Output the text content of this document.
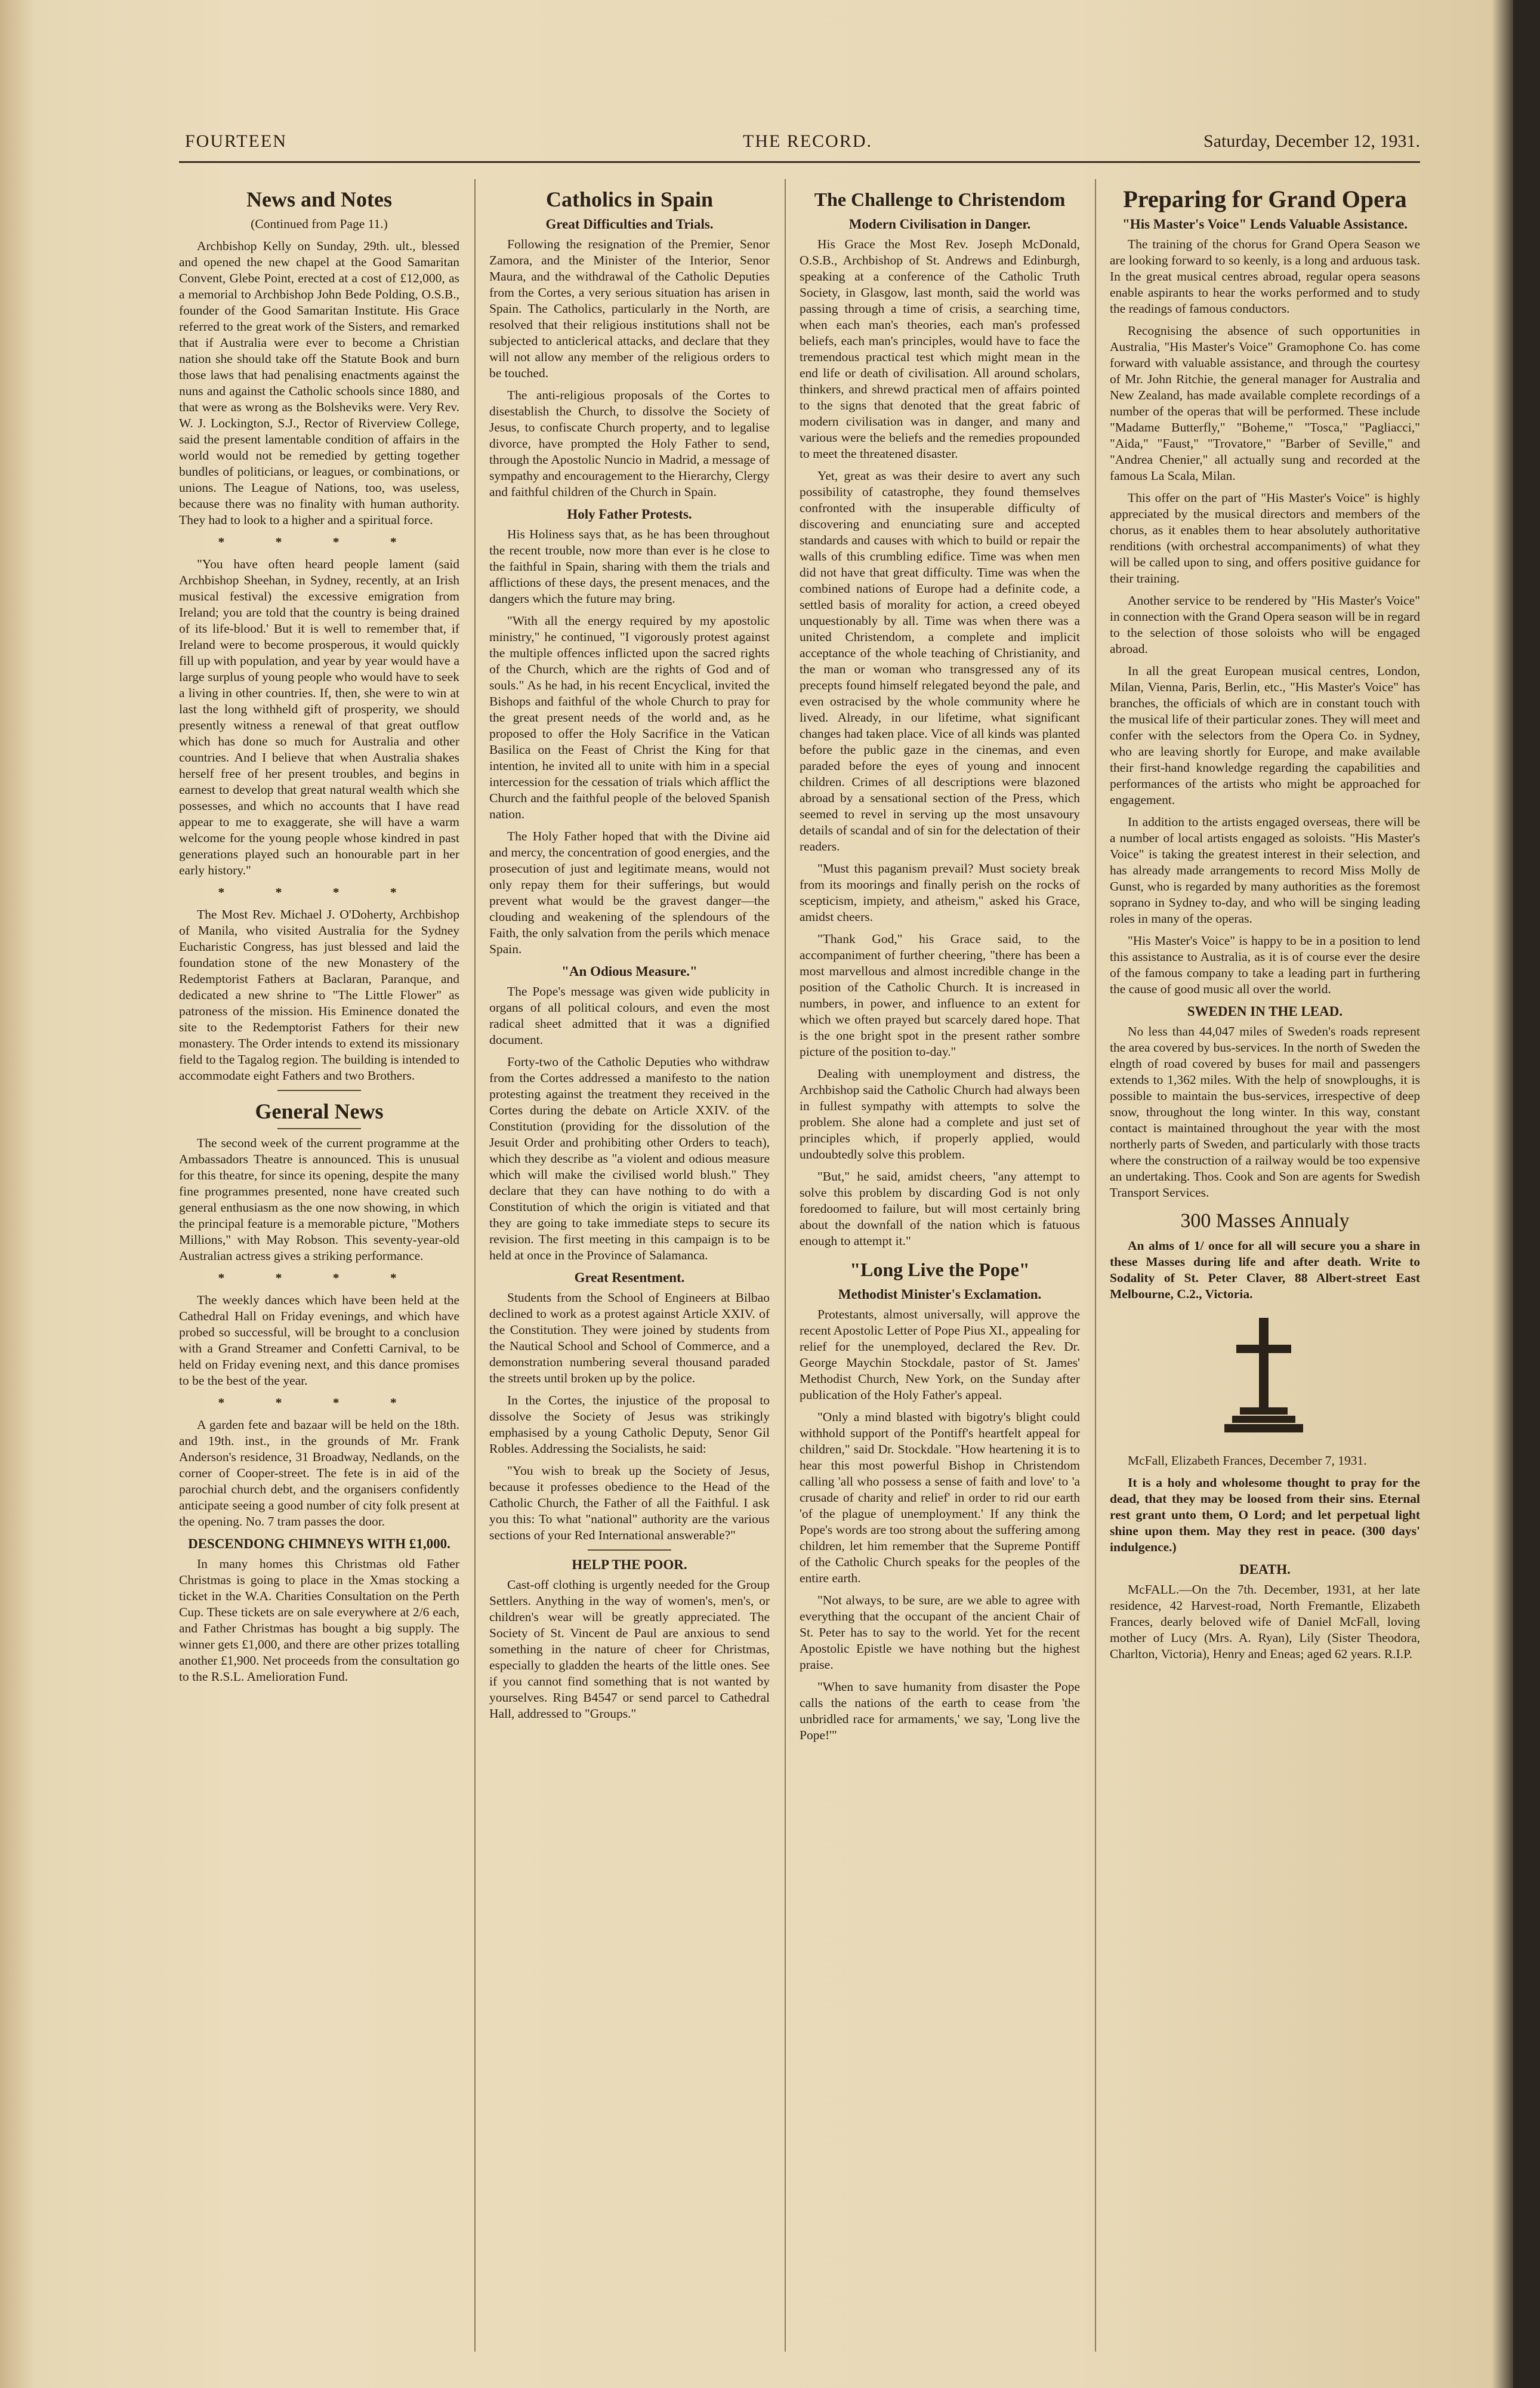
FOURTEEN	THE RECORD.	Saturday, December 12, 1931.
News and Notes
(Continued from Page 11.)

Archbishop Kelly on Sunday, 29th. ult., blessed and opened the new chapel at the Good Samaritan Convent, Glebe Point, erected at a cost of £12,000, as a memorial to Archbishop John Bede Polding, O.S.B., founder of the Good Samaritan Institute. His Grace referred to the great work of the Sisters, and remarked that if Australia were ever to become a Christian nation she should take off the Statute Book and burn those laws that had penalising enactments against the nuns and against the Catholic schools since 1880, and that were as wrong as the Bolsheviks were. Very Rev. W. J. Lockington, S.J., Rector of Riverview College, said the present lamentable condition of affairs in the world would not be remedied by getting together bundles of politicians, or leagues, or combinations, or unions. The League of Nations, too, was useless, because there was no finality with human authority. They had to look to a higher and a spiritual force.

* * * *

"You have often heard people lament (said Archbishop Sheehan, in Sydney, recently, at an Irish musical festival) the excessive emigration from Ireland; you are told that the country is being drained of its life-blood.' But it is well to remember that, if Ireland were to become prosperous, it would quickly fill up with population, and year by year would have a large surplus of young people who would have to seek a living in other countries. If, then, she were to win at last the long withheld gift of prosperity, we should presently witness a renewal of that great outflow which has done so much for Australia and other countries. And I believe that when Australia shakes herself free of her present troubles, and begins in earnest to develop that great natural wealth which she possesses, and which no accounts that I have read appear to me to exaggerate, she will have a warm welcome for the young people whose kindred in past generations played such an honourable part in her early history."

* * * *

The Most Rev. Michael J. O'Doherty, Archbishop of Manila, who visited Australia for the Sydney Eucharistic Congress, has just blessed and laid the foundation stone of the new Monastery of the Redemptorist Fathers at Baclaran, Paranque, and dedicated a new shrine to "The Little Flower" as patroness of the mission. His Eminence donated the site to the Redemptorist Fathers for their new monastery. The Order intends to extend its missionary field to the Tagalog region. The building is intended to accommodate eight Fathers and two Brothers.

General News

The second week of the current programme at the Ambassadors Theatre is announced. This is unusual for this theatre, for since its opening, despite the many fine programmes presented, none have created such general enthusiasm as the one now showing, in which the principal feature is a memorable picture, "Mothers Millions," with May Robson. This seventy-year-old Australian actress gives a striking performance.

* * * *

The weekly dances which have been held at the Cathedral Hall on Friday evenings, and which have probed so successful, will be brought to a conclusion with a Grand Streamer and Confetti Carnival, to be held on Friday evening next, and this dance promises to be the best of the year.

* * * *

A garden fete and bazaar will be held on the 18th. and 19th. inst., in the grounds of Mr. Frank Anderson's residence, 31 Broadway, Nedlands, on the corner of Cooper-street. The fete is in aid of the parochial church debt, and the organisers confidently anticipate seeing a good number of city folk present at the opening. No. 7 tram passes the door.

DESCENDONG CHIMNEYS WITH £1,000.

In many homes this Christmas old Father Christmas is going to place in the Xmas stocking a ticket in the W.A. Charities Consultation on the Perth Cup. These tickets are on sale everywhere at 2/6 each, and Father Christmas has bought a big supply. The winner gets £1,000, and there are other prizes totalling another £1,900. Net proceeds from the consultation go to the R.S.L. Amelioration Fund.

Catholics in Spain
Great Difficulties and Trials.

Following the resignation of the Premier, Senor Zamora, and the Minister of the Interior, Senor Maura, and the withdrawal of the Catholic Deputies from the Cortes, a very serious situation has arisen in Spain. The Catholics, particularly in the North, are resolved that their religious institutions shall not be subjected to anticlerical attacks, and declare that they will not allow any member of the religious orders to be touched.

The anti-religious proposals of the Cortes to disestablish the Church, to dissolve the Society of Jesus, to confiscate Church property, and to legalise divorce, have prompted the Holy Father to send, through the Apostolic Nuncio in Madrid, a message of sympathy and encouragement to the Hierarchy, Clergy and faithful children of the Church in Spain.

Holy Father Protests.

His Holiness says that, as he has been throughout the recent trouble, now more than ever is he close to the faithful in Spain, sharing with them the trials and afflictions of these days, the present menaces, and the dangers which the future may bring.

"With all the energy required by my apostolic ministry," he continued, "I vigorously protest against the multiple offences inflicted upon the sacred rights of the Church, which are the rights of God and of souls." As he had, in his recent Encyclical, invited the Bishops and faithful of the whole Church to pray for the great present needs of the world and, as he proposed to offer the Holy Sacrifice in the Vatican Basilica on the Feast of Christ the King for that intention, he invited all to unite with him in a special intercession for the cessation of trials which afflict the Church and the faithful people of the beloved Spanish nation.

The Holy Father hoped that with the Divine aid and mercy, the concentration of good energies, and the prosecution of just and legitimate means, would not only repay them for their sufferings, but would prevent what would be the gravest danger—the clouding and weakening of the splendours of the Faith, the only salvation from the perils which menace Spain.

"An Odious Measure."

The Pope's message was given wide publicity in organs of all political colours, and even the most radical sheet admitted that it was a dignified document.

Forty-two of the Catholic Deputies who withdraw from the Cortes addressed a manifesto to the nation protesting against the treatment they received in the Cortes during the debate on Article XXIV. of the Constitution (providing for the dissolution of the Jesuit Order and prohibiting other Orders to teach), which they describe as "a violent and odious measure which will make the civilised world blush." They declare that they can have nothing to do with a Constitution of which the origin is vitiated and that they are going to take immediate steps to secure its revision. The first meeting in this campaign is to be held at once in the Province of Salamanca.

Great Resentment.

Students from the School of Engineers at Bilbao declined to work as a protest against Article XXIV. of the Constitution. They were joined by students from the Nautical School and School of Commerce, and a demonstration numbering several thousand paraded the streets until broken up by the police.

In the Cortes, the injustice of the proposal to dissolve the Society of Jesus was strikingly emphasised by a young Catholic Deputy, Senor Gil Robles. Addressing the Socialists, he said:

"You wish to break up the Society of Jesus, because it professes obedience to the Head of the Catholic Church, the Father of all the Faithful. I ask you this: To what "national" authority are the various sections of your Red International answerable?"

HELP THE POOR.

Cast-off clothing is urgently needed for the Group Settlers. Anything in the way of women's, men's, or children's wear will be greatly appreciated. The Society of St. Vincent de Paul are anxious to send something in the nature of cheer for Christmas, especially to gladden the hearts of the little ones. See if you cannot find something that is not wanted by yourselves. Ring B4547 or send parcel to Cathedral Hall, addressed to "Groups."

The Challenge to Christendom
Modern Civilisation in Danger.

His Grace the Most Rev. Joseph McDonald, O.S.B., Archbishop of St. Andrews and Edinburgh, speaking at a conference of the Catholic Truth Society, in Glasgow, last month, said the world was passing through a time of crisis, a searching time, when each man's theories, each man's professed beliefs, each man's principles, would have to face the tremendous practical test which might mean in the end life or death of civilisation. All around scholars, thinkers, and shrewd practical men of affairs pointed to the signs that denoted that the great fabric of modern civilisation was in danger, and many and various were the beliefs and the remedies propounded to meet the threatened disaster.

Yet, great as was their desire to avert any such possibility of catastrophe, they found themselves confronted with the insuperable difficulty of discovering and enunciating sure and accepted standards and causes with which to build or repair the walls of this crumbling edifice. Time was when men did not have that great difficulty. Time was when the combined nations of Europe had a definite code, a settled basis of morality for action, a creed obeyed unquestionably by all. Time was when there was a united Christendom, a complete and implicit acceptance of the whole teaching of Christianity, and the man or woman who transgressed any of its precepts found himself relegated beyond the pale, and even ostracised by the whole community where he lived. Already, in our lifetime, what significant changes had taken place. Vice of all kinds was planted before the public gaze in the cinemas, and even paraded before the eyes of young and innocent children. Crimes of all descriptions were blazoned abroad by a sensational section of the Press, which seemed to revel in serving up the most unsavoury details of scandal and of sin for the delectation of their readers.

"Must this paganism prevail? Must society break from its moorings and finally perish on the rocks of scepticism, impiety, and atheism," asked his Grace, amidst cheers.

"Thank God," his Grace said, to the accompaniment of further cheering, "there has been a most marvellous and almost incredible change in the position of the Catholic Church. It is increased in numbers, in power, and influence to an extent for which we often prayed but scarcely dared hope. That is the one bright spot in the present rather sombre picture of the position to-day."

Dealing with unemployment and distress, the Archbishop said the Catholic Church had always been in fullest sympathy with attempts to solve the problem. She alone had a complete and just set of principles which, if properly applied, would undoubtedly solve this problem.

"But," he said, amidst cheers, "any attempt to solve this problem by discarding God is not only foredoomed to failure, but will most certainly bring about the downfall of the nation which is fatuous enough to attempt it."

"Long Live the Pope"
Methodist Minister's Exclamation.

Protestants, almost universally, will approve the recent Apostolic Letter of Pope Pius XI., appealing for relief for the unemployed, declared the Rev. Dr. George Maychin Stockdale, pastor of St. James' Methodist Church, New York, on the Sunday after publication of the Holy Father's appeal.

"Only a mind blasted with bigotry's blight could withhold support of the Pontiff's heartfelt appeal for children," said Dr. Stockdale. "How heartening it is to hear this most powerful Bishop in Christendom calling 'all who possess a sense of faith and love' to 'a crusade of charity and relief' in order to rid our earth 'of the plague of unemployment.' If any think the Pope's words are too strong about the suffering among children, let him remember that the Supreme Pontiff of the Catholic Church speaks for the peoples of the entire earth.

"Not always, to be sure, are we able to agree with everything that the occupant of the ancient Chair of St. Peter has to say to the world. Yet for the recent Apostolic Epistle we have nothing but the highest praise.

"When to save humanity from disaster the Pope calls the nations of the earth to cease from 'the unbridled race for armaments,' we say, 'Long live the Pope!'"

Preparing for Grand Opera
"His Master's Voice" Lends Valuable Assistance.

The training of the chorus for Grand Opera Season we are looking forward to so keenly, is a long and arduous task. In the great musical centres abroad, regular opera seasons enable aspirants to hear the works performed and to study the readings of famous conductors.

Recognising the absence of such opportunities in Australia, "His Master's Voice" Gramophone Co. has come forward with valuable assistance, and through the courtesy of Mr. John Ritchie, the general manager for Australia and New Zealand, has made available complete recordings of a number of the operas that will be performed. These include "Madame Butterfly," "Boheme," "Tosca," "Pagliacci," "Aida," "Faust," "Trovatore," "Barber of Seville," and "Andrea Chenier," all actually sung and recorded at the famous La Scala, Milan.

This offer on the part of "His Master's Voice" is highly appreciated by the musical directors and members of the chorus, as it enables them to hear absolutely authoritative renditions (with orchestral accompaniments) of what they will be called upon to sing, and offers positive guidance for their training.

Another service to be rendered by "His Master's Voice" in connection with the Grand Opera season will be in regard to the selection of those soloists who will be engaged abroad.

In all the great European musical centres, London, Milan, Vienna, Paris, Berlin, etc., "His Master's Voice" has branches, the officials of which are in constant touch with the musical life of their particular zones. They will meet and confer with the selectors from the Opera Co. in Sydney, who are leaving shortly for Europe, and make available their first-hand knowledge regarding the capabilities and performances of the artists who might be approached for engagement.

In addition to the artists engaged overseas, there will be a number of local artists engaged as soloists. "His Master's Voice" is taking the greatest interest in their selection, and has already made arrangements to record Miss Molly de Gunst, who is regarded by many authorities as the foremost soprano in Sydney to-day, and who will be singing leading roles in many of the operas.

"His Master's Voice" is happy to be in a position to lend this assistance to Australia, as it is of course ever the desire of the famous company to take a leading part in furthering the cause of good music all over the world.

SWEDEN IN THE LEAD.

No less than 44,047 miles of Sweden's roads represent the area covered by bus-services. In the north of Sweden the elngth of road covered by buses for mail and passengers extends to 1,362 miles. With the help of snowploughs, it is possible to maintain the bus-services, irrespective of deep snow, throughout the long winter. In this way, constant contact is maintained throughout the year with the most northerly parts of Sweden, and particularly with those tracts where the construction of a railway would be too expensive an undertaking. Thos. Cook and Son are agents for Swedish Transport Services.

300 Masses Annualy

An alms of 1/ once for all will secure you a share in these Masses during life and after death. Write to Sodality of St. Peter Claver, 88 Albert-street East Melbourne, C.2., Victoria.

McFall, Elizabeth Frances, December 7, 1931.

It is a holy and wholesome thought to pray for the dead, that they may be loosed from their sins. Eternal rest grant unto them, O Lord; and let perpetual light shine upon them. May they rest in peace. (300 days' indulgence.)

DEATH.

McFALL.—On the 7th. December, 1931, at her late residence, 42 Harvest-road, North Fremantle, Elizabeth Frances, dearly beloved wife of Daniel McFall, loving mother of Lucy (Mrs. A. Ryan), Lily (Sister Theodora, Charlton, Victoria), Henry and Eneas; aged 62 years. R.I.P.
